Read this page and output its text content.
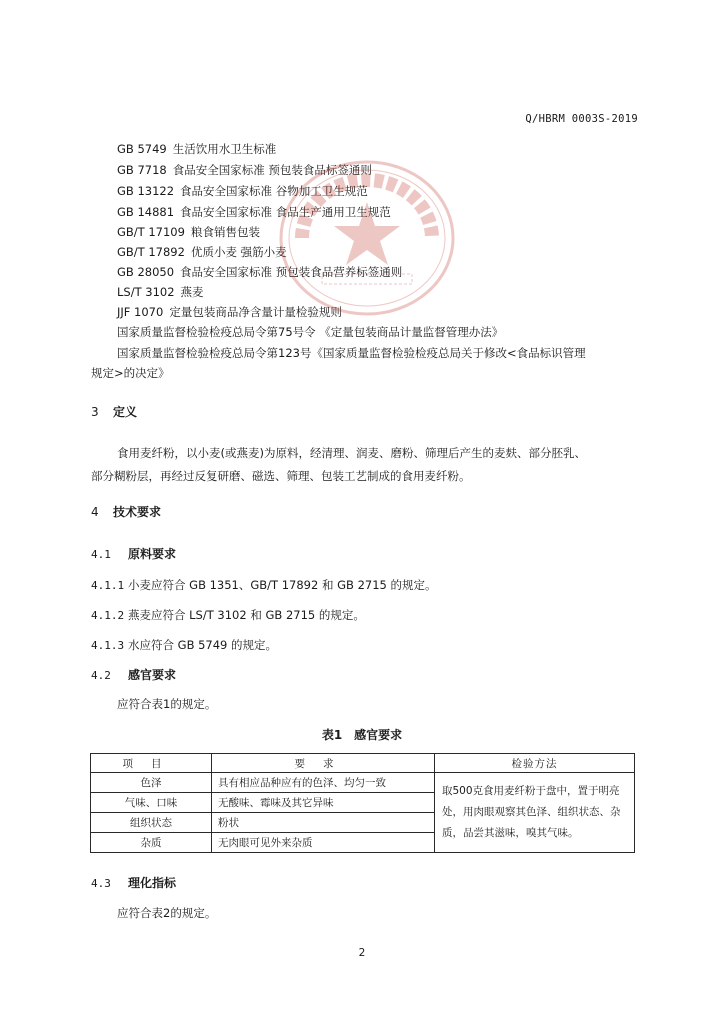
Q/HBRM 0003S-2019
GB 5749 生活饮用水卫生标准
GB 7718 食品安全国家标准 预包装食品标签通则
GB 13122 食品安全国家标准 谷物加工卫生规范
GB 14881 食品安全国家标准 食品生产通用卫生规范
GB/T 17109 粮食销售包装
GB/T 17892 优质小麦 强筋小麦
GB 28050 食品安全国家标准 预包装食品营养标签通则
LS/T 3102 燕麦
JJF 1070 定量包装商品净含量计量检验规则
国家质量监督检验检疫总局令第75号令 《定量包装商品计量监督管理办法》
国家质量监督检验检疫总局令第123号《国家质量监督检验检疫总局关于修改<食品标识管理
规定>的决定》
3 定义
食用麦纤粉，以小麦(或燕麦)为原料，经清理、润麦、磨粉、筛理后产生的麦麸、部分胚乳、
部分糊粉层，再经过反复研磨、磁选、筛理、包装工艺制成的食用麦纤粉。
4 技术要求
4.1 原料要求
4.1.1 小麦应符合 GB 1351、GB/T 17892 和 GB 2715 的规定。
4.1.2 燕麦应符合 LS/T 3102 和 GB 2715 的规定。
4.1.3 水应符合 GB 5749 的规定。
4.2 感官要求
应符合表1的规定。
表1 感官要求
项目	要求	检验方法
色泽	具有相应品种应有的色泽、均匀一致	取500克食用麦纤粉于盘中，置于明亮处，用肉眼观察其色泽、组织状态、杂质，品尝其滋味，嗅其气味。
气味、口味	无酸味、霉味及其它异味	
组织状态	粉状	
杂质	无肉眼可见外来杂质	
4.3 理化指标
应符合表2的规定。
2
